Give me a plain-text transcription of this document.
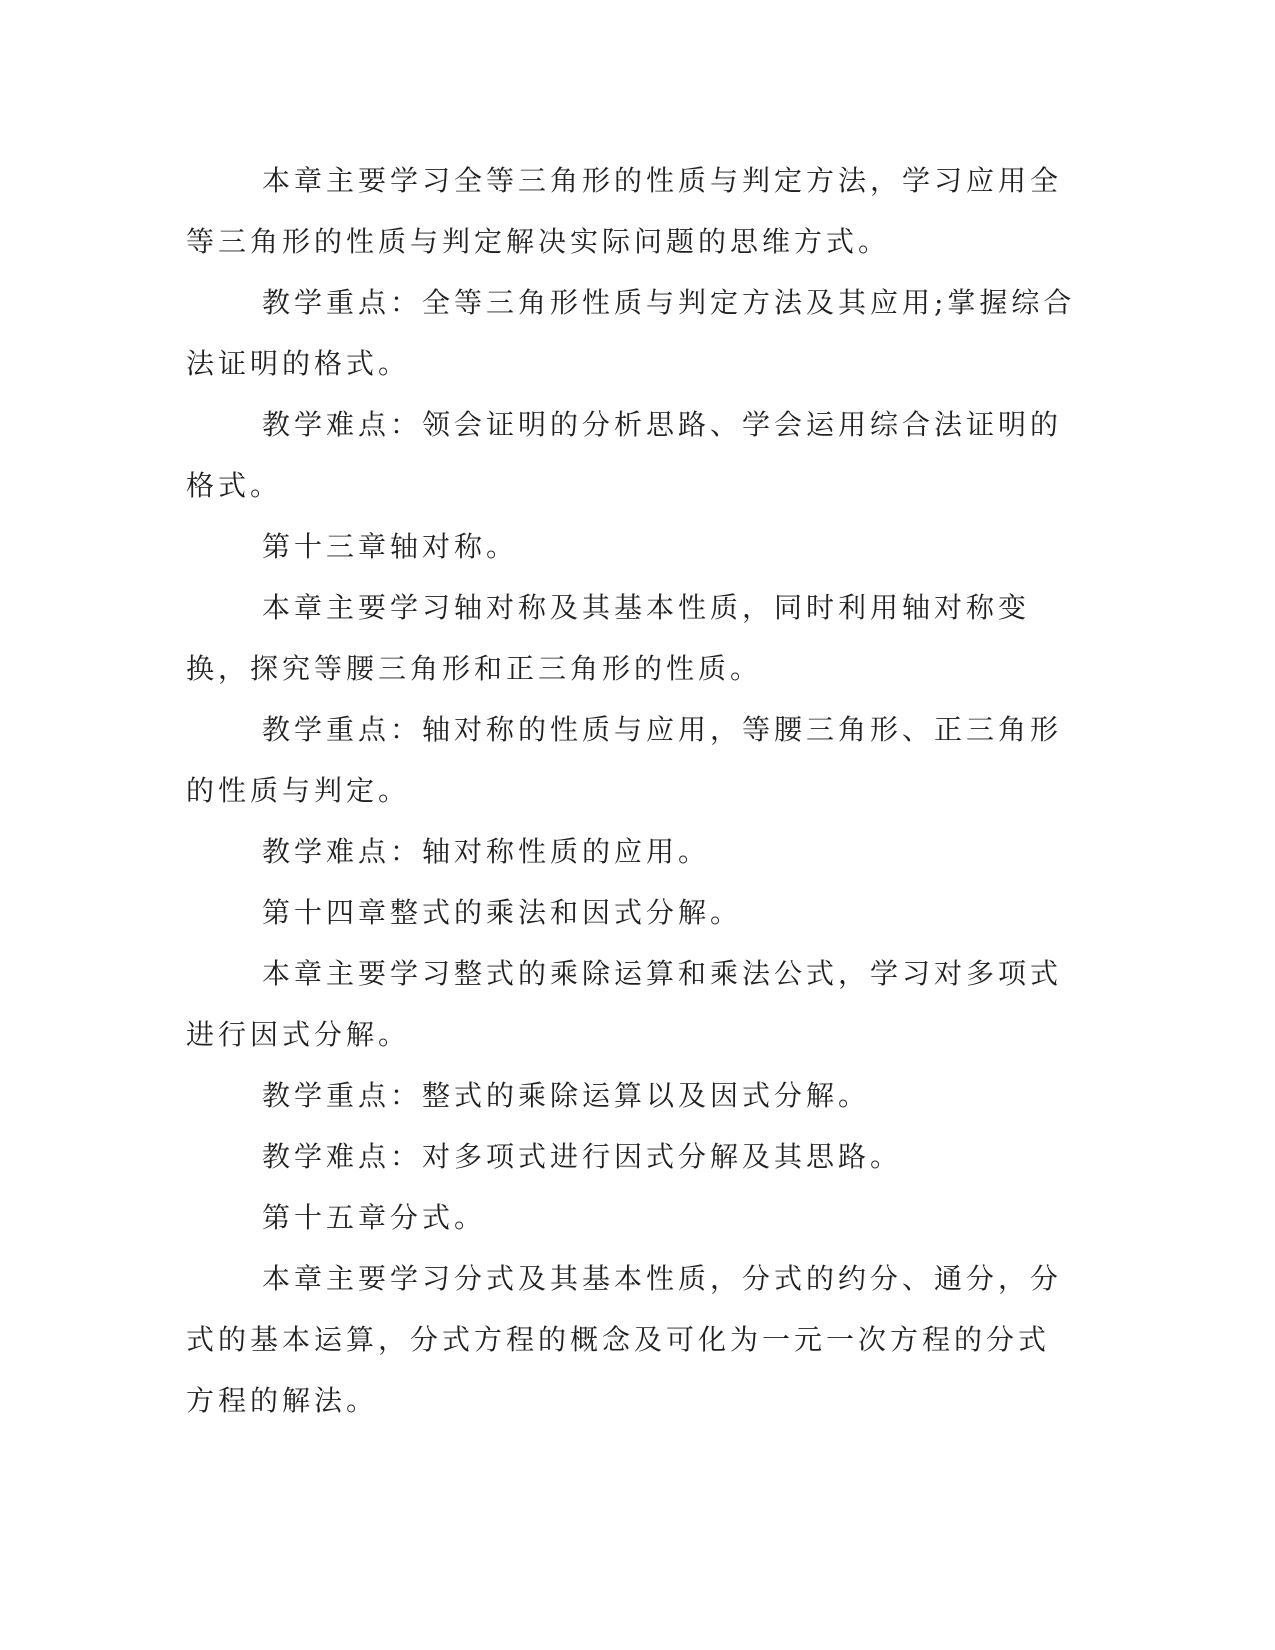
本章主要学习全等三角形的性质与判定方法，学习应用全等三角形的性质与判定解决实际问题的思维方式。

教学重点：全等三角形性质与判定方法及其应用;掌握综合法证明的格式。

教学难点：领会证明的分析思路、学会运用综合法证明的格式。

第十三章轴对称。

本章主要学习轴对称及其基本性质，同时利用轴对称变换，探究等腰三角形和正三角形的性质。

教学重点：轴对称的性质与应用，等腰三角形、正三角形的性质与判定。

教学难点：轴对称性质的应用。

第十四章整式的乘法和因式分解。

本章主要学习整式的乘除运算和乘法公式，学习对多项式进行因式分解。

教学重点：整式的乘除运算以及因式分解。

教学难点：对多项式进行因式分解及其思路。

第十五章分式。

本章主要学习分式及其基本性质，分式的约分、通分，分式的基本运算，分式方程的概念及可化为一元一次方程的分式方程的解法。
